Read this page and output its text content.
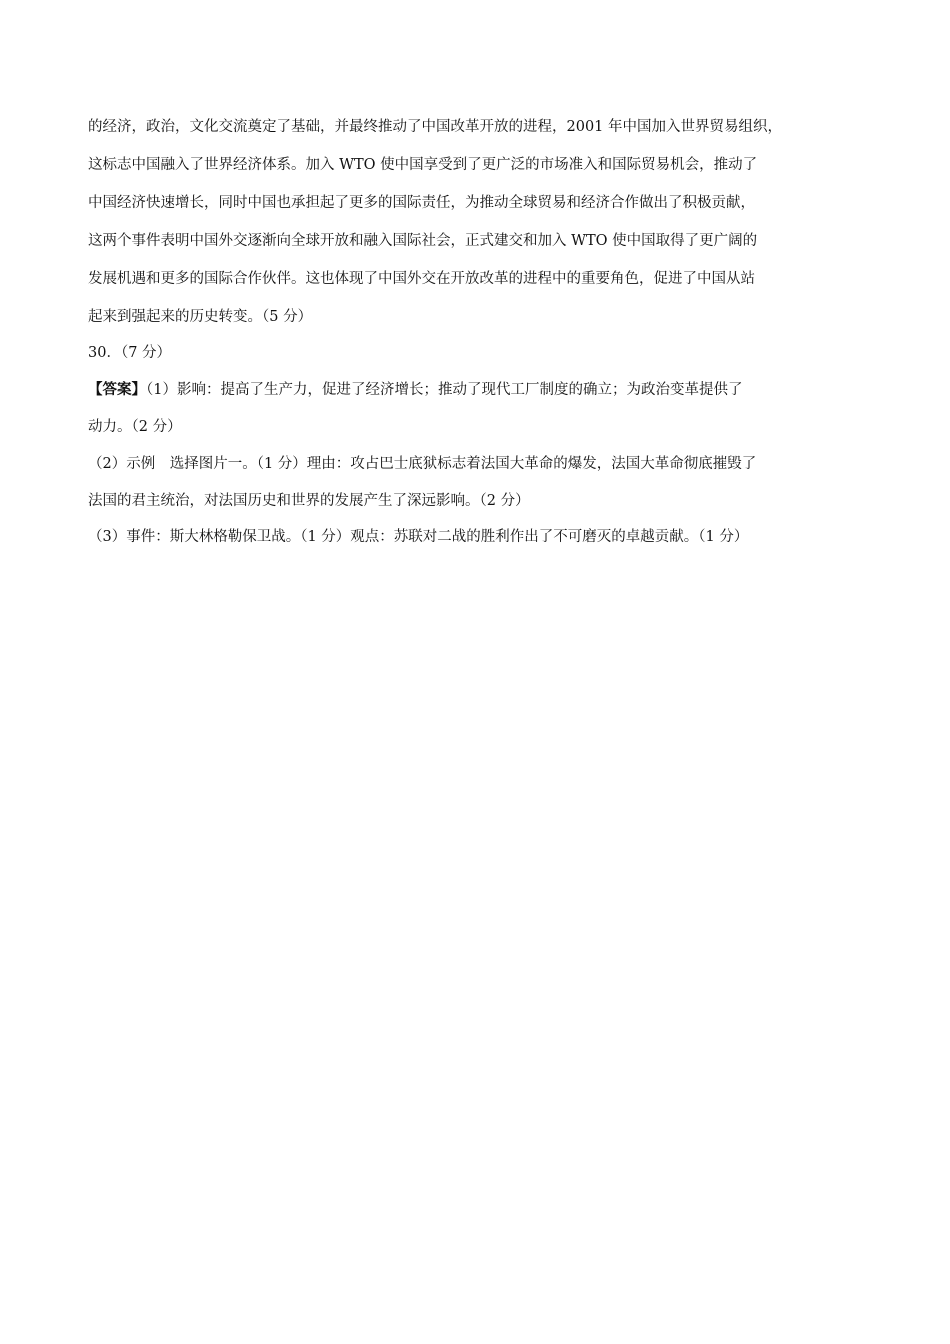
的经济，政治，文化交流奠定了基础，并最终推动了中国改革开放的进程，2001 年中国加入世界贸易组织，
这标志中国融入了世界经济体系。加入 WTO 使中国享受到了更广泛的市场准入和国际贸易机会，推动了
中国经济快速增长，同时中国也承担起了更多的国际责任，为推动全球贸易和经济合作做出了积极贡献，
这两个事件表明中国外交逐渐向全球开放和融入国际社会，正式建交和加入 WTO 使中国取得了更广阔的
发展机遇和更多的国际合作伙伴。这也体现了中国外交在开放改革的进程中的重要角色，促进了中国从站
起来到强起来的历史转变。（5 分）
30．（7 分）
【答案】（1）影响：提高了生产力，促进了经济增长；推动了现代工厂制度的确立；为政治变革提供了
动力。（2 分）
（2）示例　选择图片一。（1 分）理由：攻占巴士底狱标志着法国大革命的爆发，法国大革命彻底摧毁了
法国的君主统治，对法国历史和世界的发展产生了深远影响。（2 分）
（3）事件：斯大林格勒保卫战。（1 分）观点：苏联对二战的胜利作出了不可磨灭的卓越贡献。（1 分）
